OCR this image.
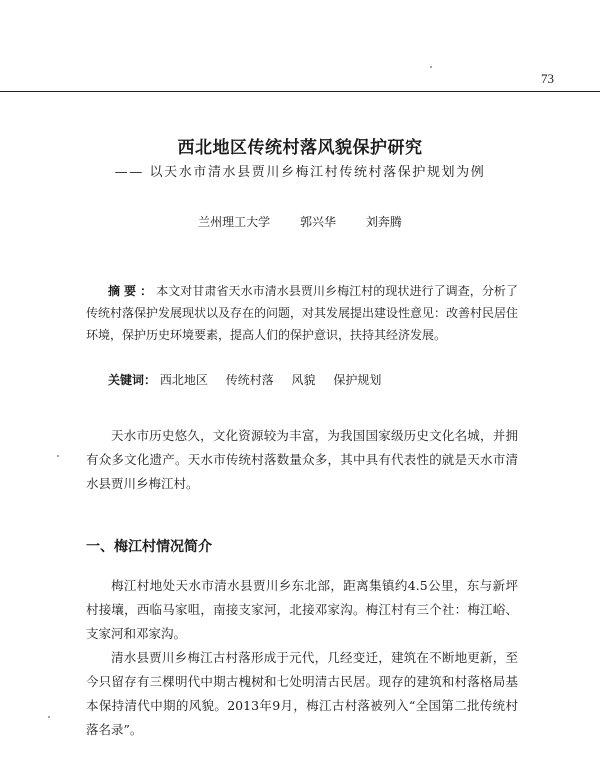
73
西北地区传统村落风貌保护研究
—— 以天水市清水县贾川乡梅江村传统村落保护规划为例
兰州理工大学 郭兴华 刘奔腾
摘要：本文对甘肃省天水市清水县贾川乡梅江村的现状进行了调查，分析了传统村落保护发展现状以及存在的问题，对其发展提出建设性意见：改善村民居住环境，保护历史环境要素，提高人们的保护意识，扶持其经济发展。
关键词： 西北地区 传统村落 风貌 保护规划
天水市历史悠久，文化资源较为丰富，为我国国家级历史文化名城，并拥有众多文化遗产。天水市传统村落数量众多，其中具有代表性的就是天水市清水县贾川乡梅江村。
一、梅江村情况简介
梅江村地处天水市清水县贾川乡东北部，距离集镇约4.5公里，东与新坪村接壤，西临马家咀，南接支家河，北接邓家沟。梅江村有三个社：梅江峪、支家河和邓家沟。
清水县贾川乡梅江古村落形成于元代，几经变迁，建筑在不断地更新，至今只留存有三棵明代中期古槐树和七处明清古民居。现存的建筑和村落格局基本保持清代中期的风貌。2013年9月，梅江古村落被列入“全国第二批传统村落名录”。
